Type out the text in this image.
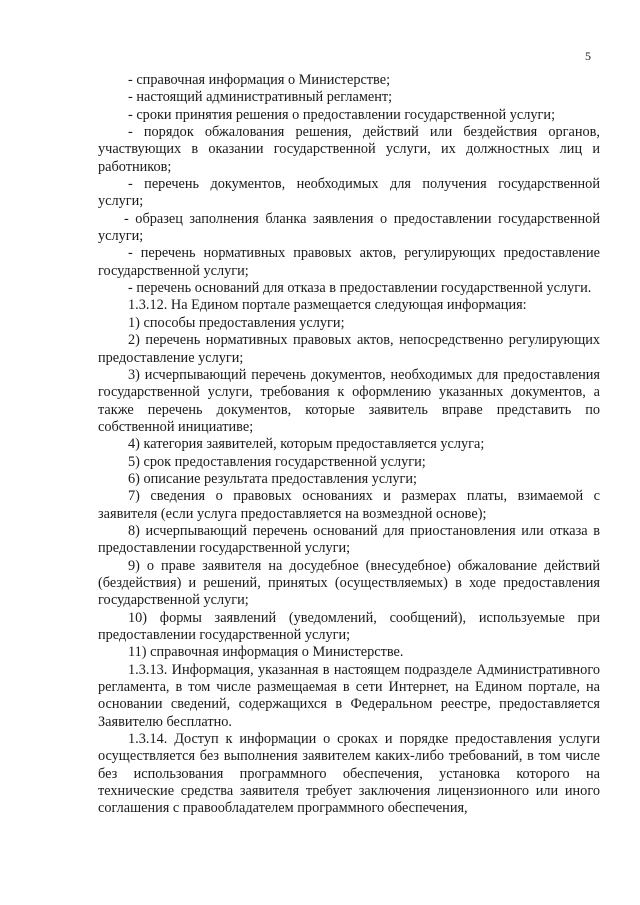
5
- справочная информация о Министерстве;
- настоящий административный регламент;
- сроки принятия решения о предоставлении государственной услуги;
- порядок обжалования решения, действий или бездействия органов, участвующих в оказании государственной услуги, их должностных лиц и работников;
- перечень документов, необходимых для получения государственной услуги;
- образец заполнения бланка заявления о предоставлении государственной услуги;
- перечень нормативных правовых актов, регулирующих предоставление государственной услуги;
- перечень оснований для отказа в предоставлении государственной услуги.
1.3.12. На Едином портале размещается следующая информация:
1) способы предоставления услуги;
2) перечень нормативных правовых актов, непосредственно регулирующих предоставление услуги;
3) исчерпывающий перечень документов, необходимых для предоставления государственной услуги, требования к оформлению указанных документов, а также перечень документов, которые заявитель вправе представить по собственной инициативе;
4) категория заявителей, которым предоставляется услуга;
5) срок предоставления государственной услуги;
6) описание результата предоставления услуги;
7) сведения о правовых основаниях и размерах платы, взимаемой с заявителя (если услуга предоставляется на возмездной основе);
8) исчерпывающий перечень оснований для приостановления или отказа в предоставлении государственной услуги;
9) о праве заявителя на досудебное (внесудебное) обжалование действий (бездействия) и решений, принятых (осуществляемых) в ходе предоставления государственной услуги;
10) формы заявлений (уведомлений, сообщений), используемые при предоставлении государственной услуги;
11) справочная информация о Министерстве.
1.3.13. Информация, указанная в настоящем подразделе Административного регламента, в том числе размещаемая в сети Интернет, на Едином портале, на основании сведений, содержащихся в Федеральном реестре, предоставляется Заявителю бесплатно.
1.3.14. Доступ к информации о сроках и порядке предоставления услуги осуществляется без выполнения заявителем каких-либо требований, в том числе без использования программного обеспечения, установка которого на технические средства заявителя требует заключения лицензионного или иного соглашения с правообладателем программного обеспечения,
